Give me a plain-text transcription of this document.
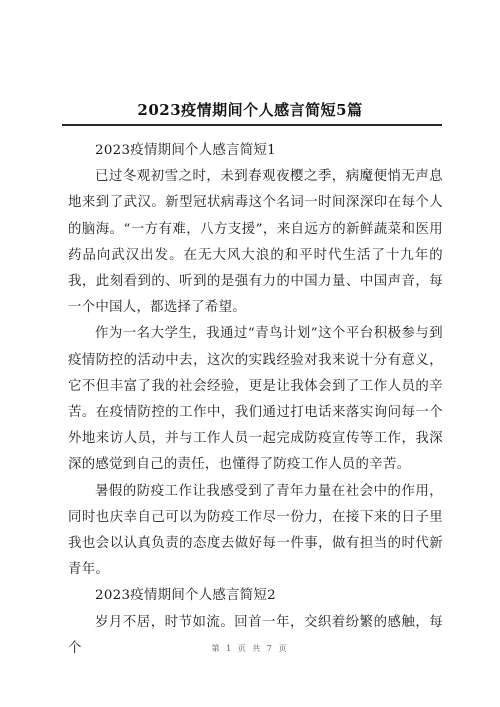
2023疫情期间个人感言简短5篇

2023疫情期间个人感言简短1

已过冬观初雪之时，未到春观夜樱之季，病魔便悄无声息地来到了武汉。新型冠状病毒这个名词一时间深深印在每个人的脑海。“一方有难，八方支援”，来自远方的新鲜蔬菜和医用药品向武汉出发。在无大风大浪的和平时代生活了十九年的我，此刻看到的、听到的是强有力的中国力量、中国声音，每一个中国人，都选择了希望。

作为一名大学生，我通过“青鸟计划”这个平台积极参与到疫情防控的活动中去，这次的实践经验对我来说十分有意义，它不但丰富了我的社会经验，更是让我体会到了工作人员的辛苦。在疫情防控的工作中，我们通过打电话来落实询问每一个外地来访人员，并与工作人员一起完成防疫宣传等工作，我深深的感觉到自己的责任，也懂得了防疫工作人员的辛苦。

暑假的防疫工作让我感受到了青年力量在社会中的作用，同时也庆幸自己可以为防疫工作尽一份力，在接下来的日子里我也会以认真负责的态度去做好每一件事，做有担当的时代新青年。

2023疫情期间个人感言简短2

岁月不居，时节如流。回首一年，交织着纷繁的感触，每个	第 1 页 共 7 页
